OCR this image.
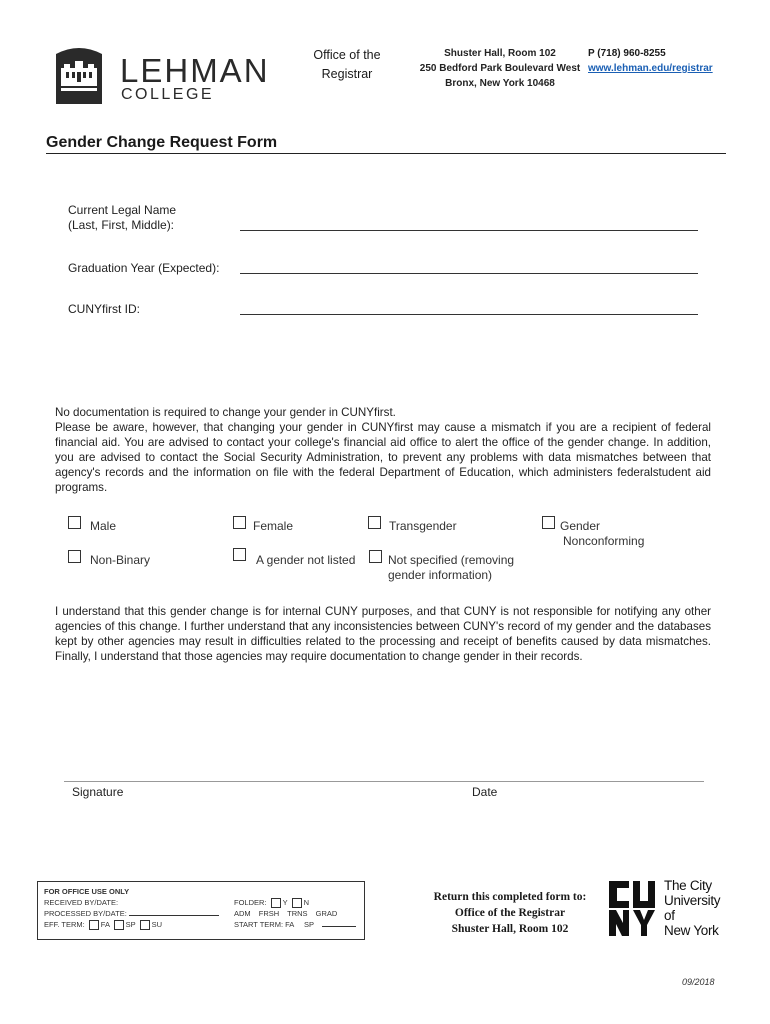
LEHMAN
COLLEGE
Office of the
Registrar
Shuster Hall, Room 102
250 Bedford Park Boulevard West
Bronx, New York 10468
P (718) 960-8255
www.lehman.edu/registrar
Gender Change Request Form
Current Legal Name
(Last, First, Middle):
Graduation Year (Expected):
CUNYfirst ID:
No documentation is required to change your gender in CUNYfirst.
Please be aware, however, that changing your gender in CUNYfirst may cause a mismatch if you are a recipient of federal financial aid. You are advised to contact your college's financial aid office to alert the office of the gender change. In addition, you are advised to contact the Social Security Administration, to prevent any problems with data mismatches between that agency's records and the information on file with the federal Department of Education, which administers federalstudent aid programs.
Male	Female	Transgender	Gender
Nonconforming
Non-Binary	A gender not listed	Not specified (removing
gender information)
I understand that this gender change is for internal CUNY purposes, and that CUNY is not responsible for notifying any other agencies of this change. I further understand that any inconsistencies between CUNY's record of my gender and the databases kept by other agencies may result in difficulties related to the processing and receipt of benefits caused by data mismatches. Finally, I understand that those agencies may require documentation to change gender in their records.
Signature	Date
FOR OFFICE USE ONLY
RECEIVED BY/DATE:
PROCESSED BY/DATE:
EFF. TERM: FA SP SU
FOLDER: Y N
ADM FRSH TRNS GRAD
START TERM: FA SP
Return this completed form to:
Office of the Registrar
Shuster Hall, Room 102
The City
University
of
New York
09/2018
